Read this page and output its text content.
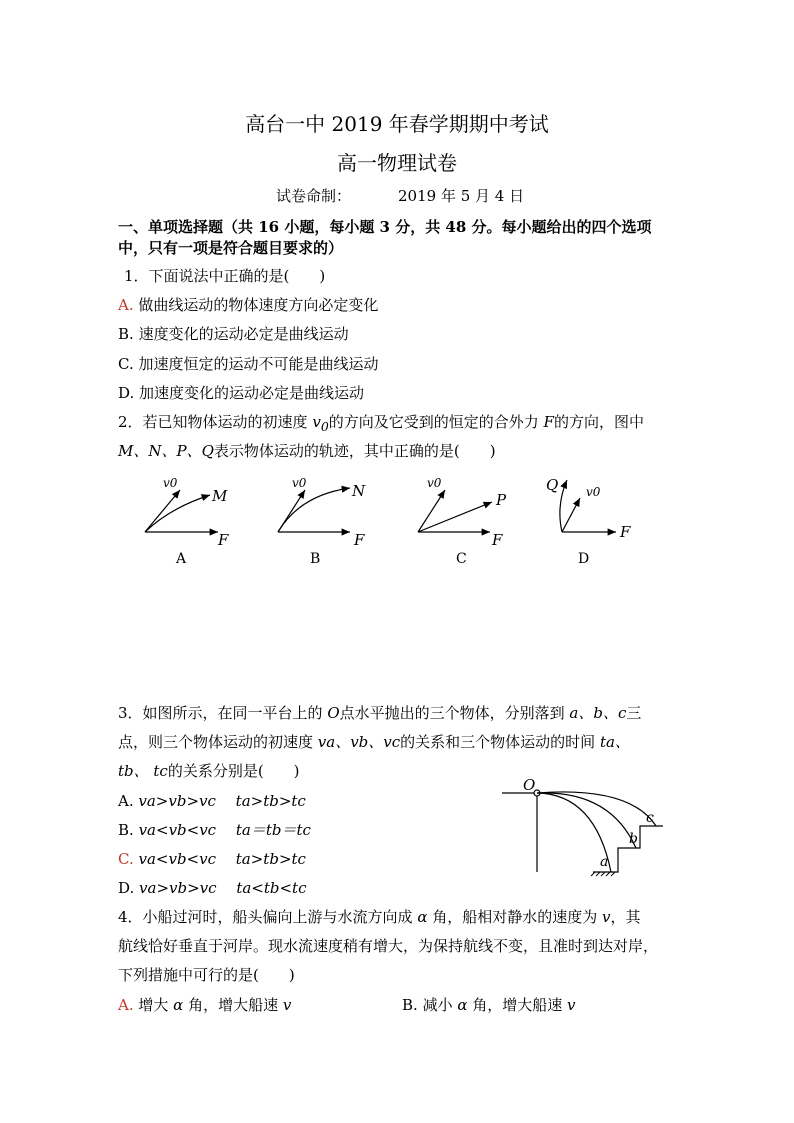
高台一中 2019 年春学期期中考试
高一物理试卷
试卷命制：	2019 年 5 月 4 日
一、单项选择题（共 16 小题，每小题 3 分，共 48 分。每小题给出的四个选项
中，只有一项是符合题目要求的）
1．下面说法中正确的是(　　)
A. 做曲线运动的物体速度方向必定变化
B. 速度变化的运动必定是曲线运动
C. 加速度恒定的运动不可能是曲线运动
D. 加速度变化的运动必定是曲线运动
2．若已知物体运动的初速度 $v_0$的方向及它受到的恒定的合外力 F的方向，图中
M、N、P、Q表示物体运动的轨迹，其中正确的是(　　)
v0
M
F
A
v0	N
F
B
v0
P
F
C
Q v0
F
D
3．如图所示，在同一平台上的 O点水平抛出的三个物体，分别落到 a、b、c三
点，则三个物体运动的初速度 va、vb、vc的关系和三个物体运动的时间 ta、
tb、 tc的关系分别是(　　)
A. va>vb>vc　 ta>tb>tc
B. va<vb<vc　 ta＝tb＝tc
C. va<vb<vc　 ta>tb>tc
D. va>vb>vc　 ta<tb<tc
O
a
b
c
4．小船过河时，船头偏向上游与水流方向成 α 角，船相对静水的速度为 v，其
航线恰好垂直于河岸。现水流速度稍有增大，为保持航线不变，且准时到达对岸，
下列措施中可行的是(　　)
A. 增大 α 角，增大船速 v	B. 减小 α 角，增大船速 v
